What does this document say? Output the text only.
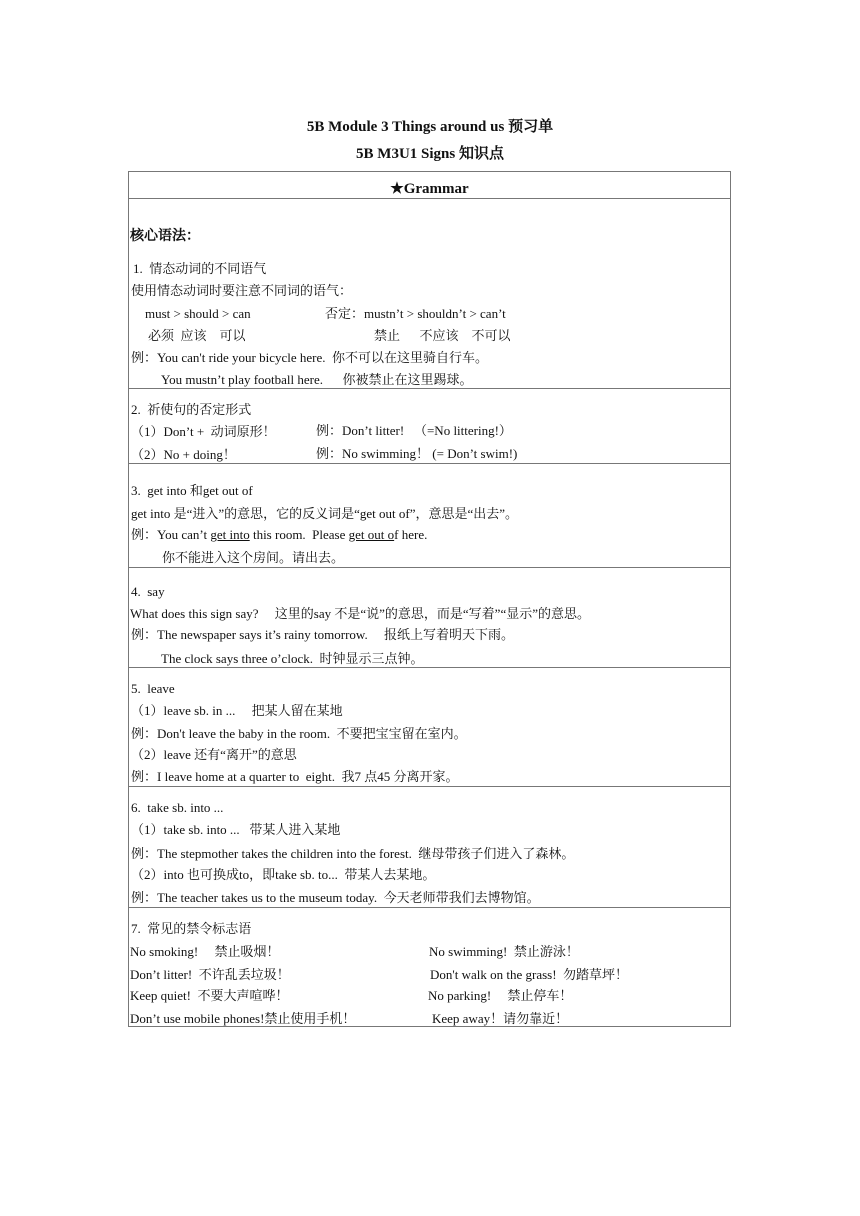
5B Module 3 Things around us 预习单
5B M3U1 Signs 知识点
★Grammar
核心语法：
1.  情态动词的不同语气
使用情态动词时要注意不同词的语气：
must > should > can	否定：mustn’t > shouldn’t > can’t
必须  应该    可以	禁止      不应该    不可以
例：You can't ride your bicycle here.  你不可以在这里骑自行车。
You mustn’t play football here.      你被禁止在这里踢球。
2.  祈使句的否定形式
（1）Don’t +  动词原形！	例：Don’t litter!   （=No littering!）
（2）No + doing！	例：No swimming！ (= Don’t swim!)
3.  get into 和get out of
get into 是“进入”的意思，它的反义词是“get out of”，意思是“出去”。
例：You can’t get into this room.  Please get out of here.
你不能进入这个房间。请出去。
4.  say
What does this sign say?     这里的say 不是“说”的意思，而是“写着”“显示”的意思。
例：The newspaper says it’s rainy tomorrow.     报纸上写着明天下雨。
The clock says three o’clock.  时钟显示三点钟。
5.  leave
（1）leave sb. in ...     把某人留在某地
例：Don't leave the baby in the room.  不要把宝宝留在室内。
（2）leave 还有“离开”的意思
例：I leave home at a quarter to  eight.  我7 点45 分离开家。
6.  take sb. into ...
（1）take sb. into ...   带某人进入某地
例：The stepmother takes the children into the forest.  继母带孩子们进入了森林。
（2）into 也可换成to，即take sb. to...  带某人去某地。
例：The teacher takes us to the museum today.  今天老师带我们去博物馆。
7.  常见的禁令标志语
No smoking!     禁止吸烟！	No swimming!  禁止游泳！
Don’t litter!  不许乱丢垃圾！	Don't walk on the grass!  勿踏草坪！
Keep quiet!  不要大声喧哗！	No parking!     禁止停车！
Don’t use mobile phones!禁止使用手机！	Keep away！请勿靠近！
